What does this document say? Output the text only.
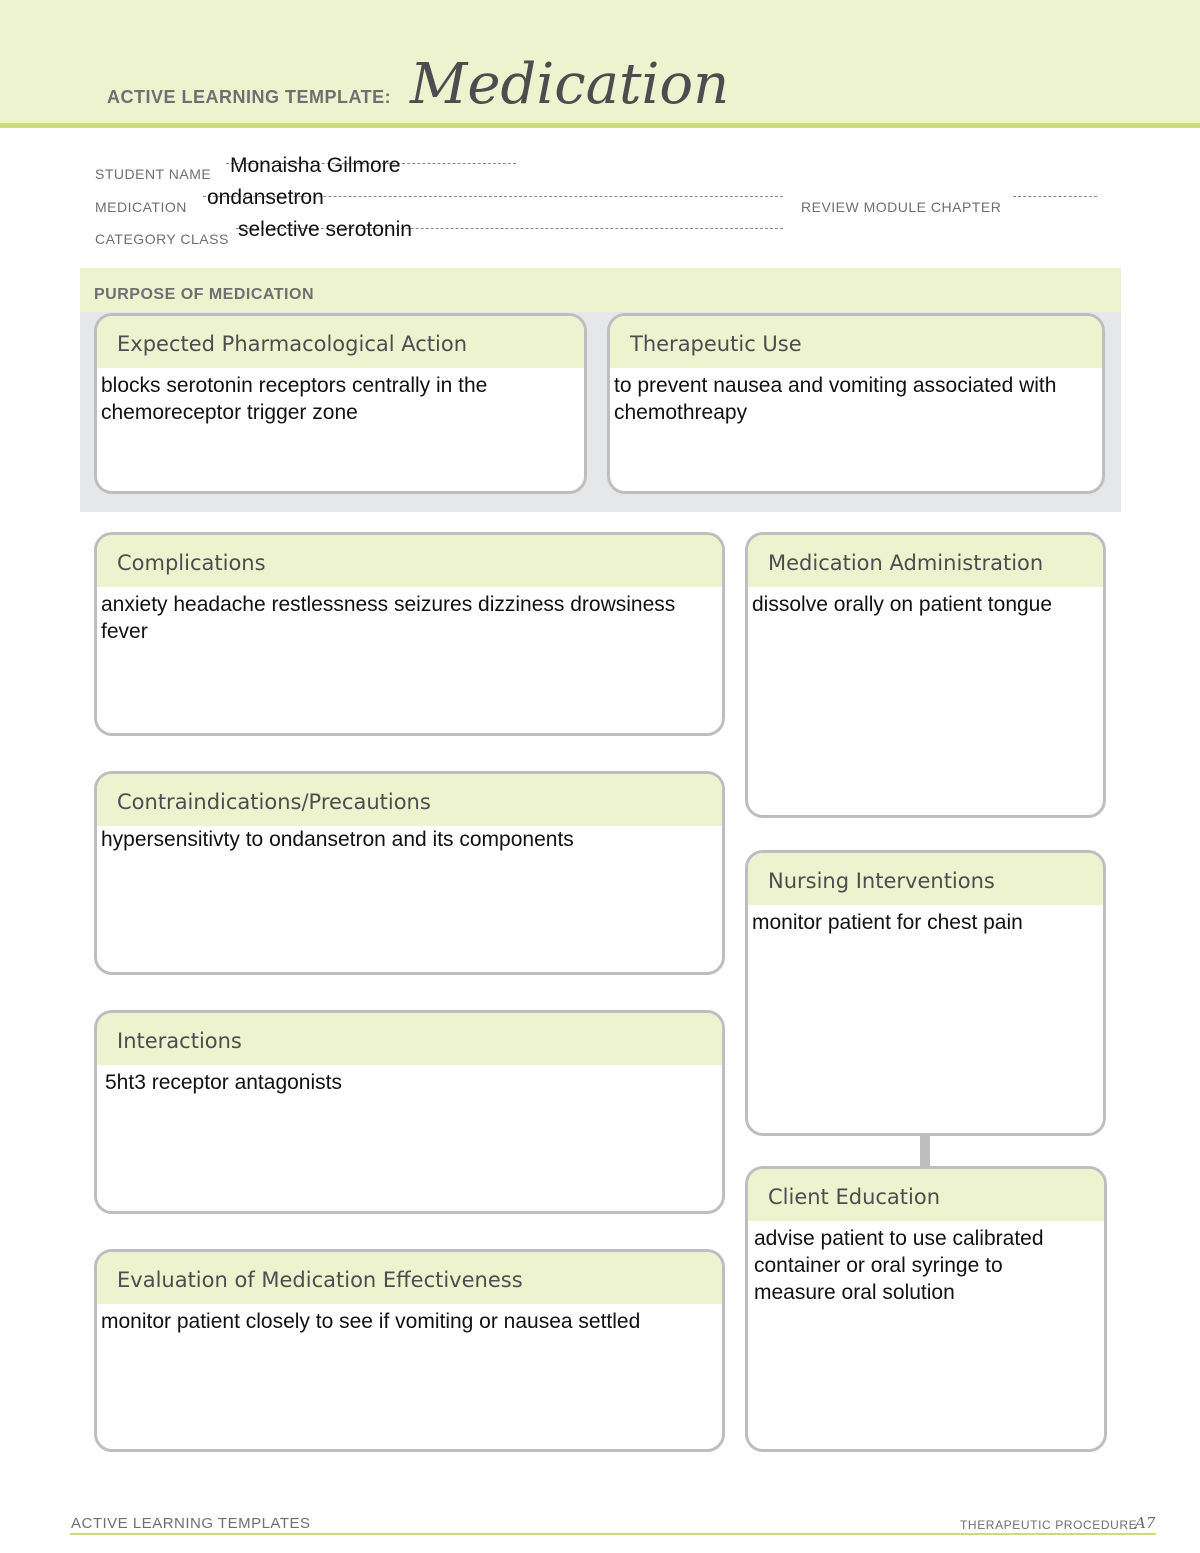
ACTIVE LEARNING TEMPLATE: Medication
STUDENT NAME Monaisha Gilmore
MEDICATION ondansetron	REVIEW MODULE CHAPTER
CATEGORY CLASS selective serotonin
PURPOSE OF MEDICATION
Expected Pharmacological Action
blocks serotonin receptors centrally in the chemoreceptor trigger zone
Therapeutic Use
to prevent nausea and vomiting associated with chemothreapy
Complications
anxiety headache restlessness seizures dizziness drowsiness fever
Contraindications/Precautions
hypersensitivty to ondansetron and its components
Interactions
5ht3 receptor antagonists
Evaluation of Medication Effectiveness
monitor patient closely to see if vomiting or nausea settled
Medication Administration
dissolve orally on patient tongue
Nursing Interventions
monitor patient for chest pain
Client Education
advise patient to use calibrated container or oral syringe to measure oral solution
ACTIVE LEARNING TEMPLATES	THERAPEUTIC PROCEDURE
A7
